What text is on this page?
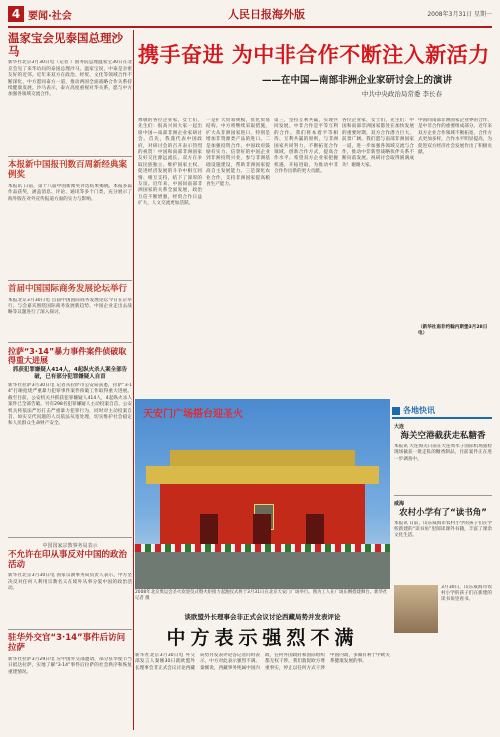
4 要闻·社会	人民日报海外版	2008年3月31日 星期一
温家宝会见泰国总理沙马
新华社北京3月30日电（记者 ）国务院总理温家宝30日在北京会见了来华访问的泰国总理沙马。温家宝说，中泰是亲密友好的近邻。近年来双方在政治、经贸、文化等领域合作不断深化，中方愿同泰方一道，推动两国全面战略合作关系持续健康发展。沙马表示，泰方高度重视对华关系，愿与中方加强各领域交流合作。
本报新中国报刊数百周新经典案例奖
本报讯 日前，第十八届中国新闻奖评选结果揭晓。本报多篇作品获奖，涵盖消息、评论、通讯等多个门类，充分展示了海外版在对外宣传报道方面的实力与影响。
首届中国国际商务发展论坛举行
本报北京3月30日电 首届中国国际商务发展论坛今日在京举行。与会嘉宾围绕国际商务发展新趋势、中国企业走出去战略等议题进行了深入探讨。
拉萨“3·14”暴力事件案件侦破取得重大进展
抓获犯罪嫌疑人414人，4起纵火杀人案全部告破，已有部分犯罪嫌疑人自首
新华社拉萨3月30日电 记者从拉萨市公安局获悉，拉萨“3·14”打砸抢烧严重暴力犯罪事件案件侦破工作取得重大进展。截至目前，公安机关共抓获犯罪嫌疑人414人，4起纵火杀人案件已全部告破。另有298名犯罪嫌疑人主动投案自首。公安机关将依法严厉打击严重暴力犯罪行为，同时对主动投案自首、如实交代问题的人员依法从宽处理，切实维护社会稳定和人民群众生命财产安全。
中国国家宗教事务局表示
不允许在印从事反对中国的政治活动
新华社北京3月30日电 国家宗教事务局负责人表示，中方坚决反对任何人利用宗教名义在境外从事分裂中国的政治活动。
驻华外交官“3·14”事件后访问拉萨
新华社拉萨3月29日电 应中国外交部邀请，部分驻华使节当日抵达拉萨，实地了解“3·14”事件后拉萨的社会秩序和恢复重建情况。
携手奋进 为中非合作不断注入新活力
——在中国—南部非洲企业家研讨会上的演讲
中共中央政治局常委 李长春
尊敬的各位企业家，女士们，先生们：很高兴同大家一起出席中国—南部非洲企业家研讨会。首先，我谨代表中国政府，对研讨会的召开表示热烈的祝贺！中国和南部非洲国家友好交往源远流长。双方在争取民族独立、维护国家主权、促进经济发展的斗争中相互同情、相互支持，结下了深厚的友谊。近年来，中国同南部非洲国家的关系全面发展，政治互信不断增强，经贸合作日益扩大，人文交流更加活跃。
一是扩大贸易规模，优化贸易结构。中方将继续采取措施，扩大从非洲国家进口，特别是增加非资源类产品的进口。二是加强投资合作。中国政府鼓励有实力、信誉好的中国企业到非洲投资兴业，参与非洲基础设施建设，帮助非洲国家提高自主发展能力。三是深化农业合作，支持非洲国家提高粮食生产能力。
第三，坚持互利共赢，实现共同发展。中非合作是平等互利的合作。我们将本着平等相待、互利共赢的原则，与非洲国家共同努力，不断拓宽合作领域，创新合作方式，提高合作水平。希望双方企业家把握机遇，开拓进取，为推动中非合作作出新的更大贡献。
各位企业家，女士们，先生们：中国和南部非洲国家都处在加快发展的重要时期，双方合作潜力巨大、前景广阔。我们愿与南部非洲国家一道，进一步加强各领域交流与合作，推动中非新型战略伙伴关系不断向前发展。祝研讨会取得圆满成功！谢谢大家。
中国同南部非洲国家企业界的合作，是中非合作的重要组成部分。近年来双方企业合作领域不断拓宽，合作方式更加多样，合作水平明显提高，为促进双方经济社会发展作出了积极贡献。
（新华社南非约翰内斯堡3月28日电）
天安门广场搭台迎圣火
2008年北京奥运会圣火欢迎仪式暨火炬接力起跑仪式将于3月31日在北京天安门广场举行。图为工人在广场东侧搭建舞台。新华社记者 摄
谈欧盟外长理事会非正式会议讨论西藏局势并发表评论
中方表示强烈不满
新华社北京3月30日电 外交部发言人秦刚30日就欧盟外长理事会非正式会议讨论西藏局势并发表评论答记者问时表示，中方对此表示强烈不满。秦刚说，西藏事务纯属中国内政，任何外国政府和国际组织都无权干涉。我们敦促欧方尊重事实，停止以任何方式干涉中国内政，多做有利于中欧关系健康发展的事。
各地快讯
大连
海关空港截获走私糖香
本报讯 大连海关日前在大连周水子国际机场旅检现场截获一批走私的糖香制品，目前案件正在进一步调查中。
威海
农村小学有了“读书角”
本报讯 日前，山东威海市农村小学的孩子们在学校新建的“读书角”里阅读课外书籍，丰富了课余文化生活。
3月30日，山东威海市农村小学的孩子们在新建的读书角里看书。
